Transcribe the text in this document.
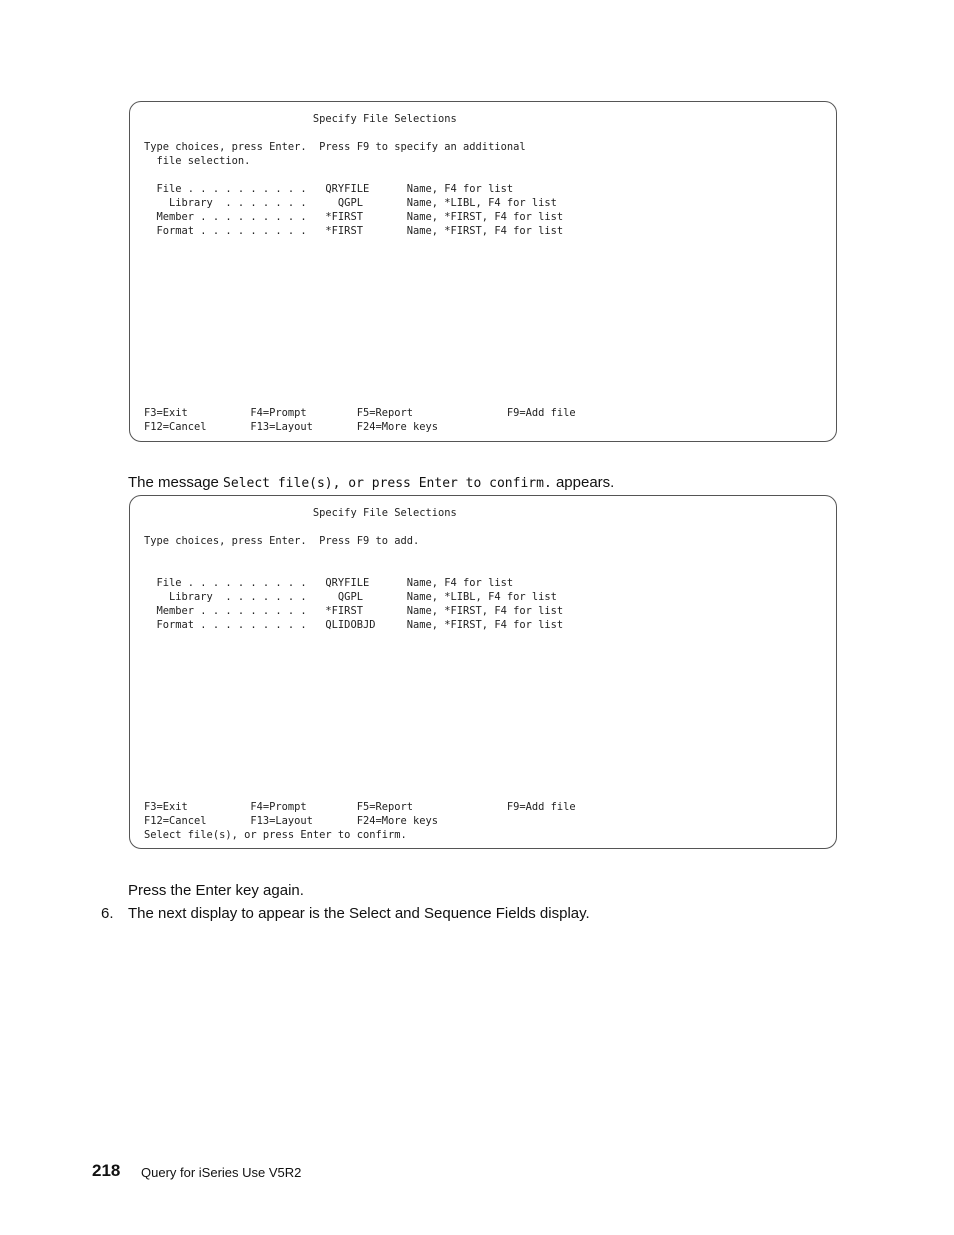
Specify File Selections
Type choices, press Enter.  Press F9 to specify an additional
file selection.
File . . . . . . . . . .   QRYFILE      Name, F4 for list
Library  . . . . . . .     QGPL       Name, *LIBL, F4 for list
Member . . . . . . . . .   *FIRST       Name, *FIRST, F4 for list
Format . . . . . . . . .   *FIRST       Name, *FIRST, F4 for list
F3=Exit          F4=Prompt        F5=Report               F9=Add file
F12=Cancel       F13=Layout       F24=More keys
The message Select file(s), or press Enter to confirm. appears.
Specify File Selections
Type choices, press Enter.  Press F9 to add.
File . . . . . . . . . .   QRYFILE      Name, F4 for list
Library  . . . . . . .     QGPL       Name, *LIBL, F4 for list
Member . . . . . . . . .   *FIRST       Name, *FIRST, F4 for list
Format . . . . . . . . .   QLIDOBJD     Name, *FIRST, F4 for list
F3=Exit          F4=Prompt        F5=Report               F9=Add file
F12=Cancel       F13=Layout       F24=More keys
Select file(s), or press Enter to confirm.
Press the Enter key again.
6. The next display to appear is the Select and Sequence Fields display.
218 Query for iSeries Use V5R2
